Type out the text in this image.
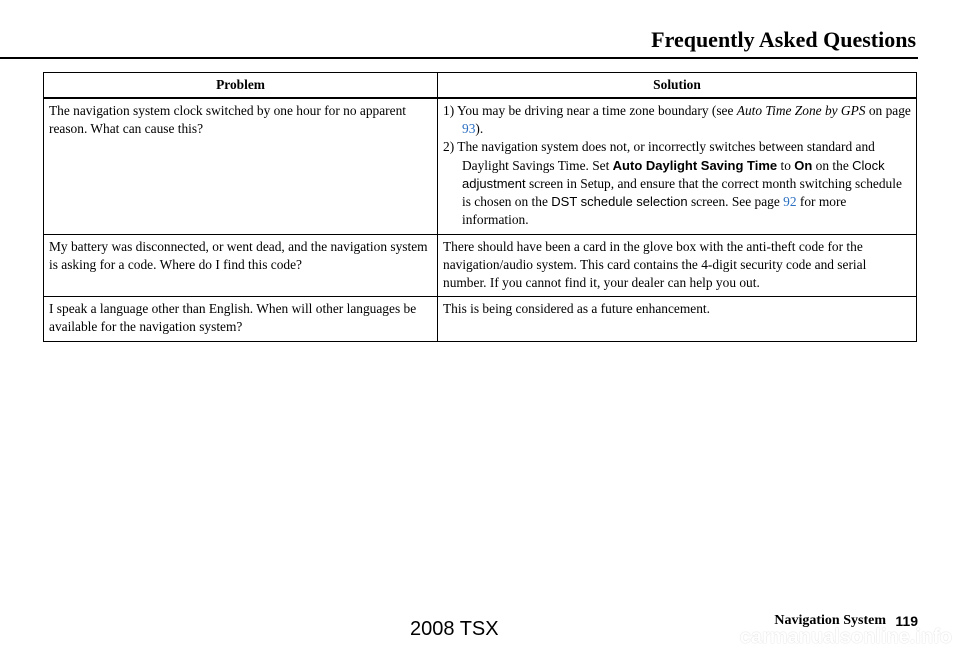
Frequently Asked Questions
Problem	Solution
The navigation system clock switched by one hour for no apparent reason. What can cause this?	1) You may be driving near a time zone boundary (see Auto Time Zone by GPS on page 93).
2) The navigation system does not, or incorrectly switches between standard and Daylight Savings Time. Set Auto Daylight Saving Time to On on the Clock adjustment screen in Setup, and ensure that the correct month switching schedule is chosen on the DST schedule selection screen. See page 92 for more information.

My battery was disconnected, or went dead, and the navigation system is asking for a code. Where do I find this code?	There should have been a card in the glove box with the anti-theft code for the navigation/audio system. This card contains the 4-digit security code and serial number. If you cannot find it, your dealer can help you out.
I speak a language other than English. When will other languages be available for the navigation system?	This is being considered as a future enhancement.
Navigation System 119
2008 TSX	carmanualsonline.info
